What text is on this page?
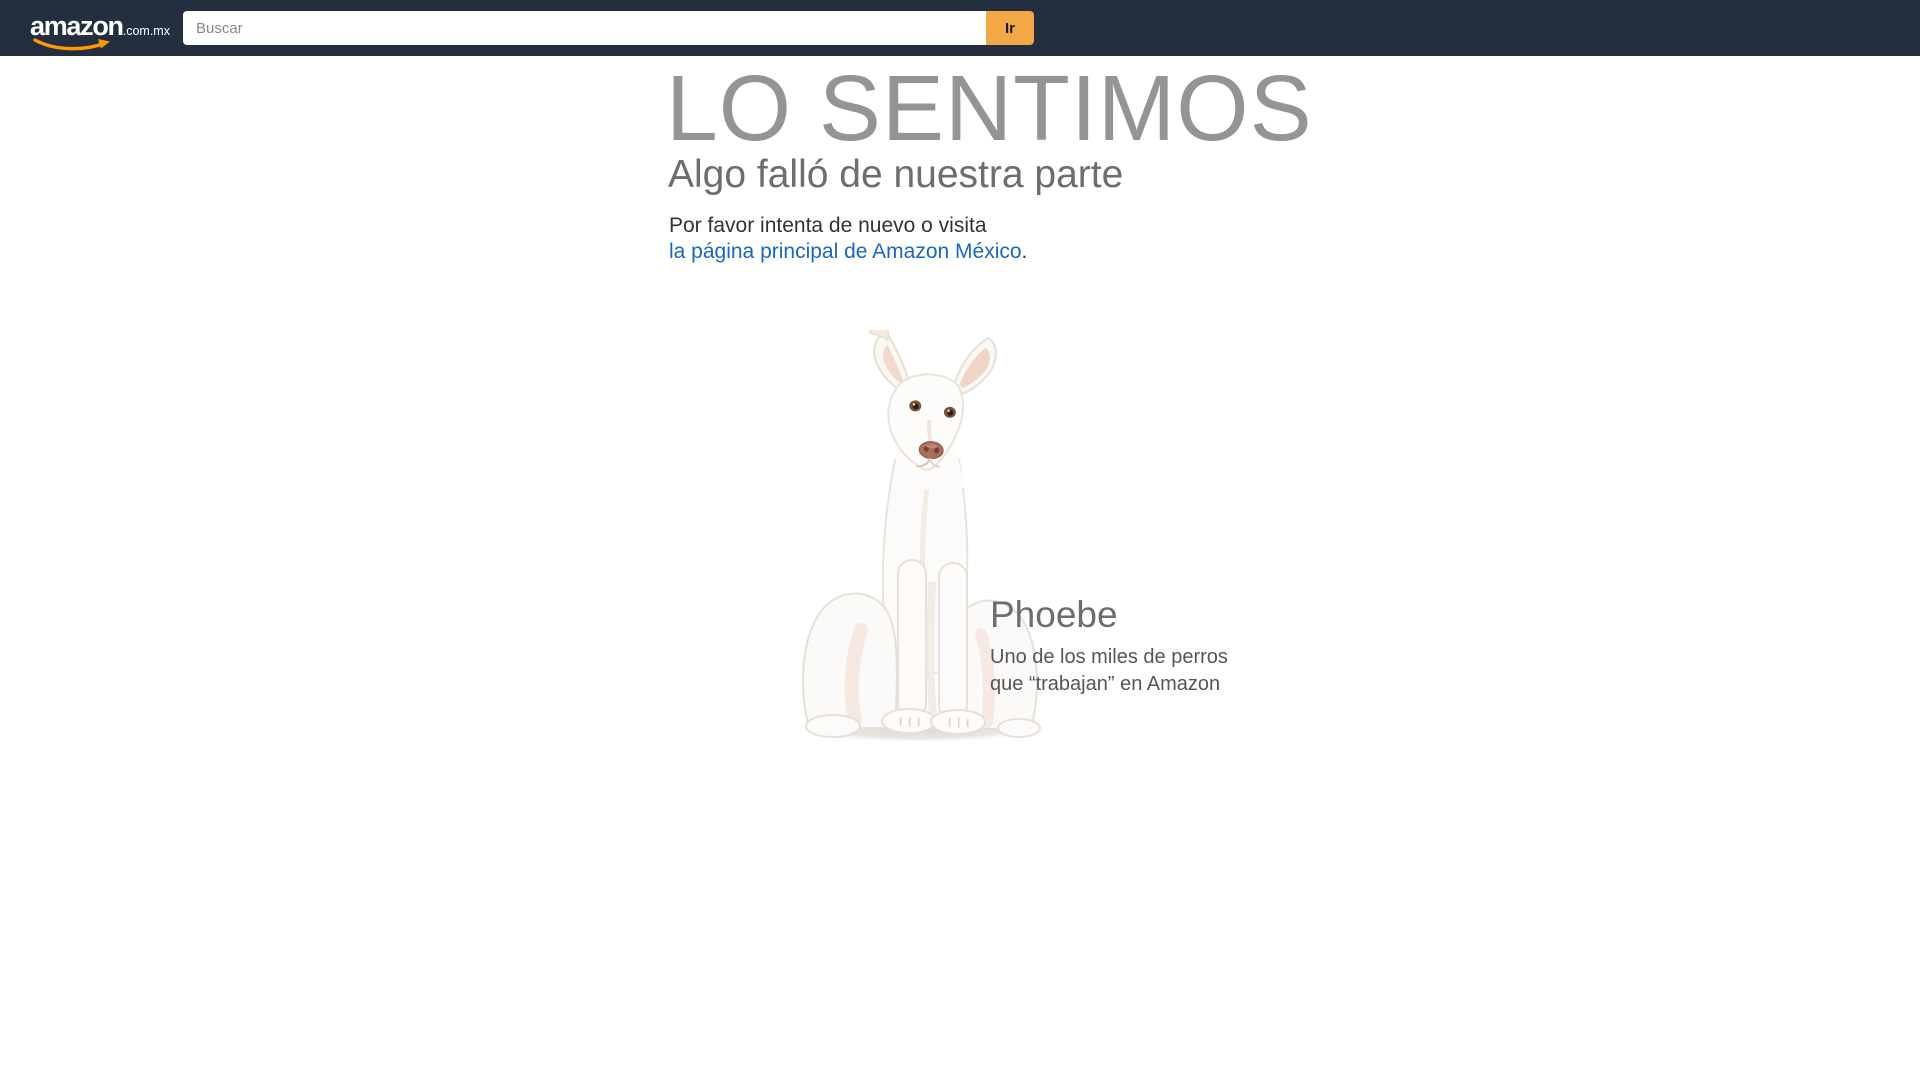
amazon .com.mx
Buscar	Ir
LO SENTIMOS
Algo falló de nuestra parte

Por favor intenta de nuevo o visita

la página principal de Amazon México.

Phoebe
Uno de los miles de perros
que “trabajan” en Amazon
